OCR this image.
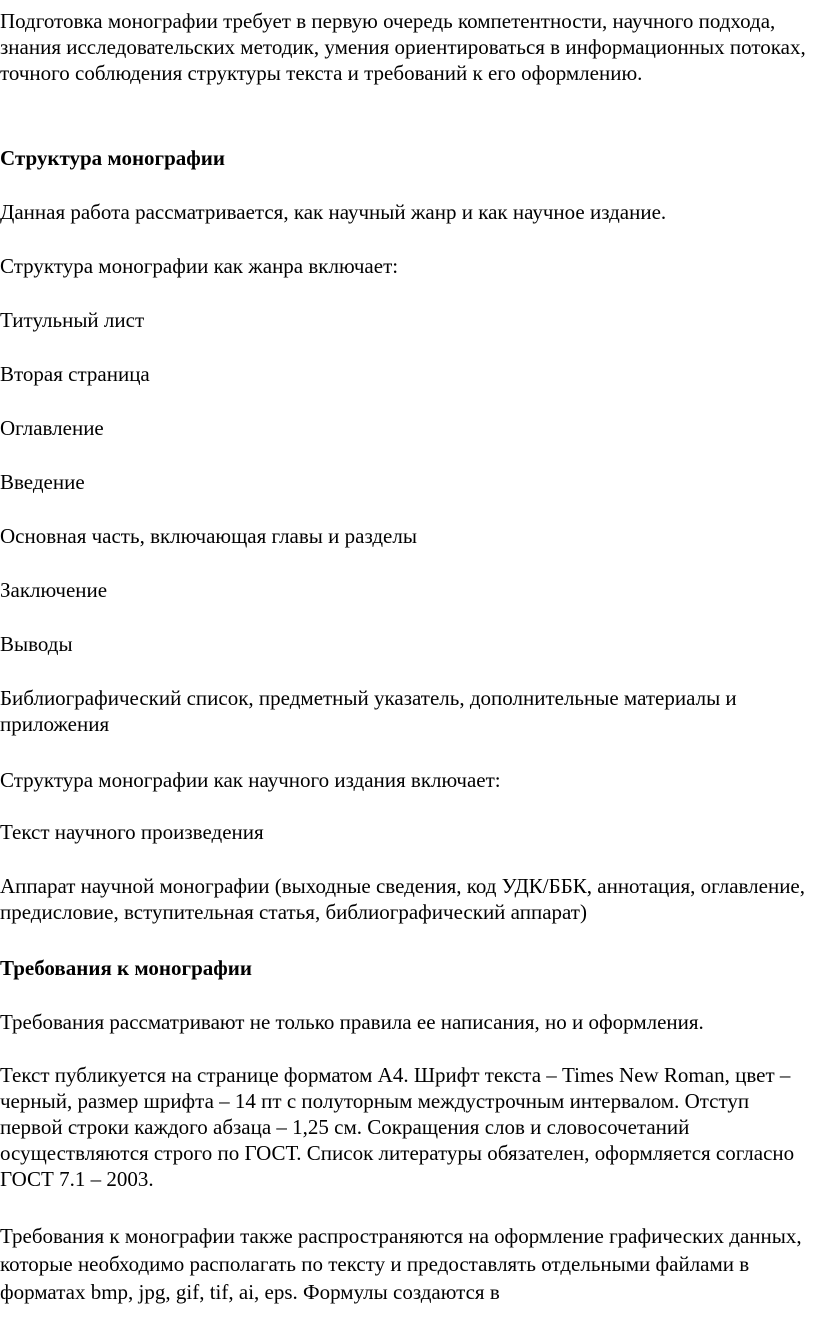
Подготовка монографии требует в первую очередь компетентности, научного подхода, знания исследовательских методик, умения ориентироваться в информационных потоках, точного соблюдения структуры текста и требований к его оформлению.

Структура монографии

Данная работа рассматривается, как научный жанр и как научное издание.

Структура монографии как жанра включает:

Титульный лист

Вторая страница

Оглавление

Введение

Основная часть, включающая главы и разделы

Заключение

Выводы

Библиографический список, предметный указатель, дополнительные материалы и приложения

Структура монографии как научного издания включает:

Текст научного произведения

Аппарат научной монографии (выходные сведения, код УДК/ББК, аннотация, оглавление, предисловие, вступительная статья, библиографический аппарат)

Требования к монографии

Требования рассматривают не только правила ее написания, но и оформления.

Текст публикуется на странице форматом А4. Шрифт текста – Times New Roman, цвет – черный, размер шрифта – 14 пт с полуторным междустрочным интервалом. Отступ первой строки каждого абзаца – 1,25 см. Сокращения слов и словосочетаний осуществляются строго по ГОСТ. Список литературы обязателен, оформляется согласно ГОСТ 7.1 – 2003.

Требования к монографии также распространяются на оформление графических данных, которые необходимо располагать по тексту и предоставлять отдельными файлами в форматах bmp, jpg, gif, tif, ai, eps. Формулы создаются в
